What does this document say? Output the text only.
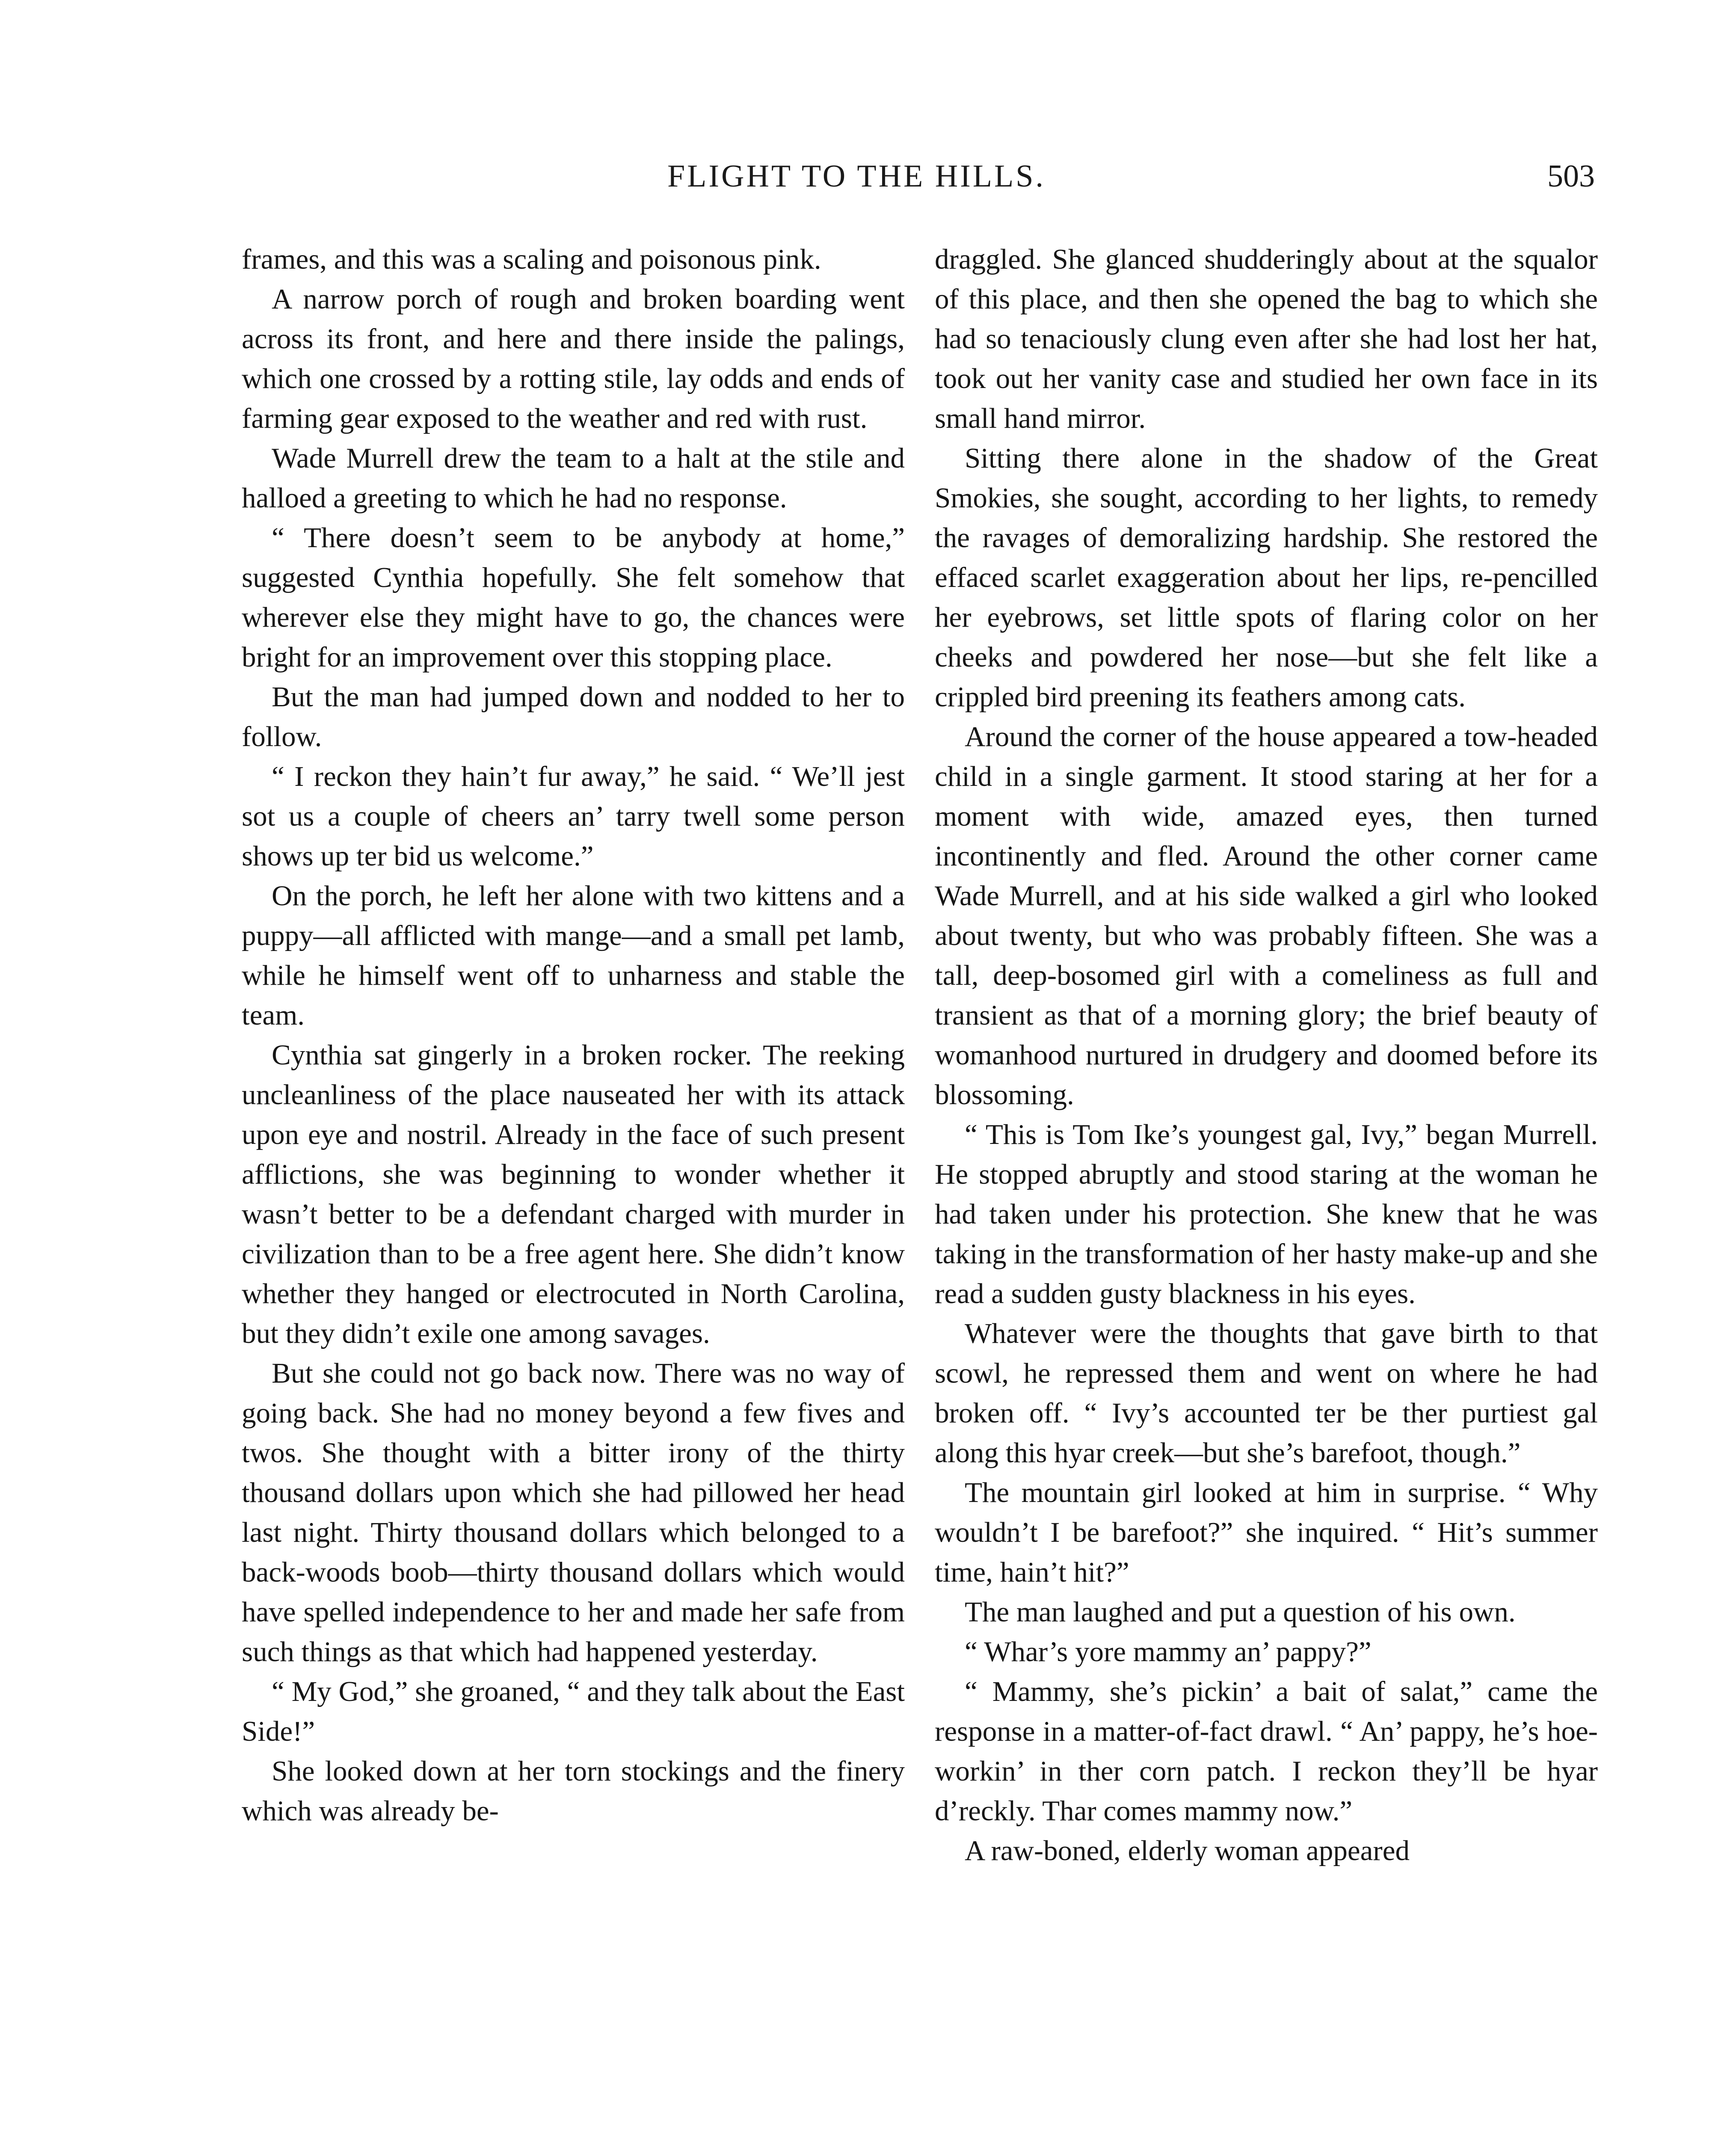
FLIGHT TO THE HILLS.	503

frames, and this was a scaling and poisonous pink.

A narrow porch of rough and broken boarding went across its front, and here and there inside the palings, which one crossed by a rotting stile, lay odds and ends of farming gear exposed to the weather and red with rust.

Wade Murrell drew the team to a halt at the stile and halloed a greeting to which he had no response.

“ There doesn’t seem to be anybody at home,” suggested Cynthia hopefully. She felt somehow that wherever else they might have to go, the chances were bright for an improvement over this stopping place.

But the man had jumped down and nodded to her to follow.

“ I reckon they hain’t fur away,” he said. “ We’ll jest sot us a couple of cheers an’ tarry twell some person shows up ter bid us welcome.”

On the porch, he left her alone with two kittens and a puppy—all afflicted with mange—and a small pet lamb, while he himself went off to unharness and stable the team.

Cynthia sat gingerly in a broken rocker. The reeking uncleanliness of the place nauseated her with its attack upon eye and nostril. Already in the face of such present afflictions, she was beginning to wonder whether it wasn’t better to be a defendant charged with murder in civilization than to be a free agent here. She didn’t know whether they hanged or electrocuted in North Carolina, but they didn’t exile one among savages.

But she could not go back now. There was no way of going back. She had no money beyond a few fives and twos. She thought with a bitter irony of the thirty thousand dollars upon which she had pillowed her head last night. Thirty thousand dollars which belonged to a back-woods boob—thirty thousand dollars which would have spelled independence to her and made her safe from such things as that which had happened yesterday.

“ My God,” she groaned, “ and they talk about the East Side!”

She looked down at her torn stockings and the finery which was already be-

draggled. She glanced shudderingly about at the squalor of this place, and then she opened the bag to which she had so tenaciously clung even after she had lost her hat, took out her vanity case and studied her own face in its small hand mirror.

Sitting there alone in the shadow of the Great Smokies, she sought, according to her lights, to remedy the ravages of demoralizing hardship. She restored the effaced scarlet exaggeration about her lips, re-pencilled her eyebrows, set little spots of flaring color on her cheeks and powdered her nose—but she felt like a crippled bird preening its feathers among cats.

Around the corner of the house appeared a tow-headed child in a single garment. It stood staring at her for a moment with wide, amazed eyes, then turned incontinently and fled. Around the other corner came Wade Murrell, and at his side walked a girl who looked about twenty, but who was probably fifteen. She was a tall, deep-bosomed girl with a comeliness as full and transient as that of a morning glory; the brief beauty of womanhood nurtured in drudgery and doomed before its blossoming.

“ This is Tom Ike’s youngest gal, Ivy,” began Murrell. He stopped abruptly and stood staring at the woman he had taken under his protection. She knew that he was taking in the transformation of her hasty make-up and she read a sudden gusty blackness in his eyes.

Whatever were the thoughts that gave birth to that scowl, he repressed them and went on where he had broken off. “ Ivy’s accounted ter be ther purtiest gal along this hyar creek—but she’s barefoot, though.”

The mountain girl looked at him in surprise. “ Why wouldn’t I be barefoot?” she inquired. “ Hit’s summer time, hain’t hit?”

The man laughed and put a question of his own.

“ Whar’s yore mammy an’ pappy?”

“ Mammy, she’s pickin’ a bait of salat,” came the response in a matter-of-fact drawl. “ An’ pappy, he’s hoe-workin’ in ther corn patch. I reckon they’ll be hyar d’reckly. Thar comes mammy now.”

A raw-boned, elderly woman appeared
